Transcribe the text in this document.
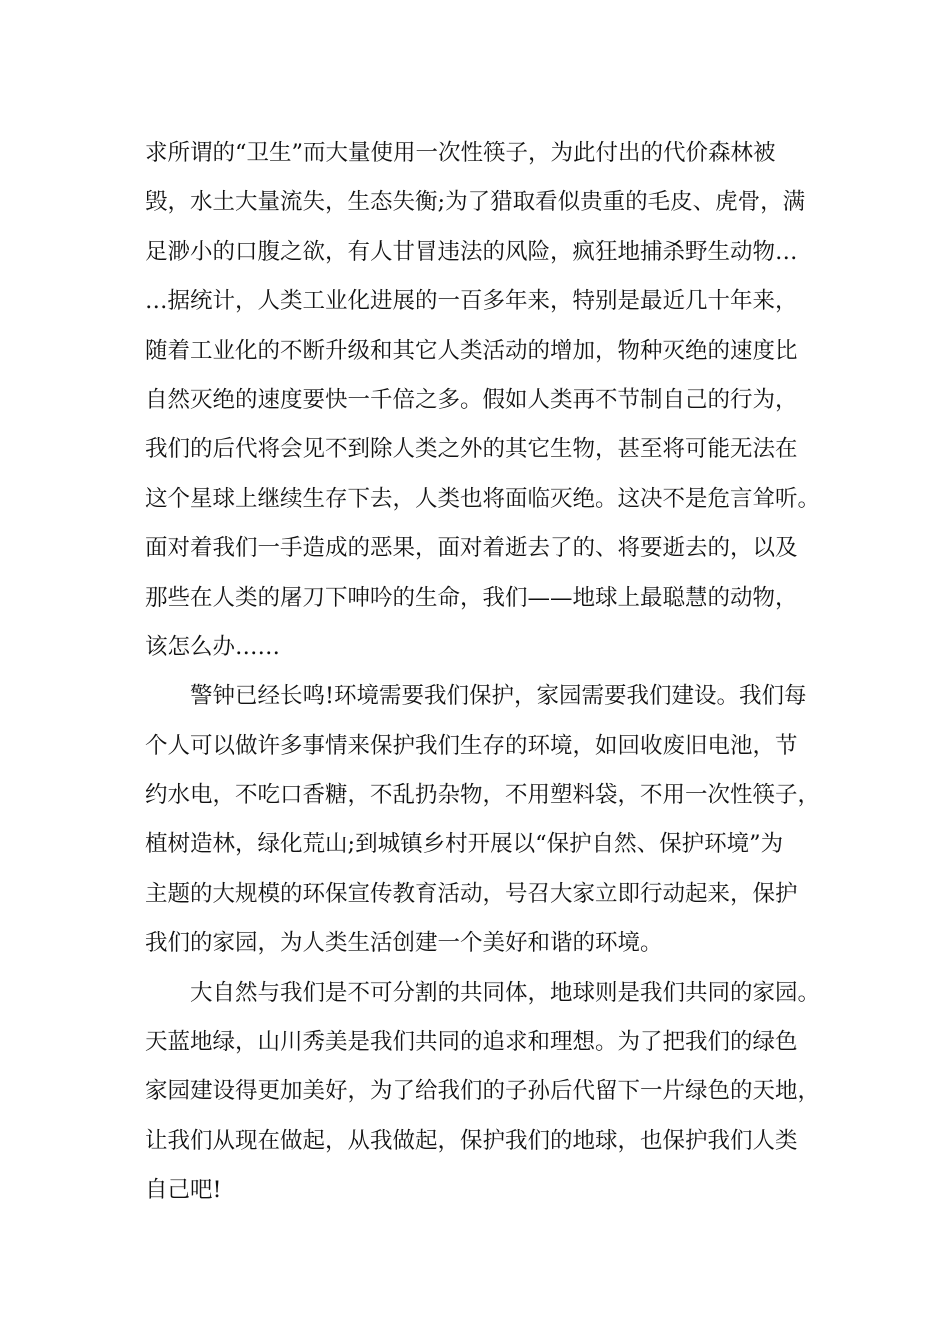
求所谓的“卫生”而大量使用一次性筷子，为此付出的代价森林被
毁，水土大量流失，生态失衡;为了猎取看似贵重的毛皮、虎骨，满
足渺小的口腹之欲，有人甘冒违法的风险，疯狂地捕杀野生动物…
…据统计，人类工业化进展的一百多年来，特别是最近几十年来，
随着工业化的不断升级和其它人类活动的增加，物种灭绝的速度比
自然灭绝的速度要快一千倍之多。假如人类再不节制自己的行为，
我们的后代将会见不到除人类之外的其它生物，甚至将可能无法在
这个星球上继续生存下去，人类也将面临灭绝。这决不是危言耸听。
面对着我们一手造成的恶果，面对着逝去了的、将要逝去的，以及
那些在人类的屠刀下呻吟的生命，我们——地球上最聪慧的动物，
该怎么办……
　　警钟已经长鸣!环境需要我们保护，家园需要我们建设。我们每
个人可以做许多事情来保护我们生存的环境，如回收废旧电池，节
约水电，不吃口香糖，不乱扔杂物，不用塑料袋，不用一次性筷子，
植树造林，绿化荒山;到城镇乡村开展以“保护自然、保护环境”为
主题的大规模的环保宣传教育活动，号召大家立即行动起来，保护
我们的家园，为人类生活创建一个美好和谐的环境。
　　大自然与我们是不可分割的共同体，地球则是我们共同的家园。
天蓝地绿，山川秀美是我们共同的追求和理想。为了把我们的绿色
家园建设得更加美好，为了给我们的子孙后代留下一片绿色的天地，
让我们从现在做起，从我做起，保护我们的地球，也保护我们人类
自己吧!
